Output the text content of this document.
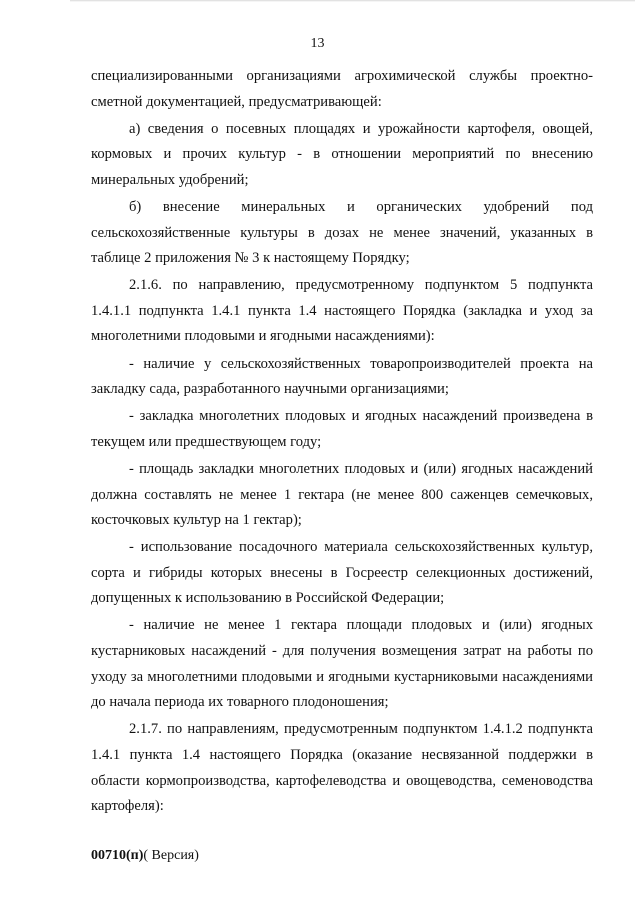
13

специализированными организациями агрохимической службы проектно-сметной документацией, предусматривающей:

а) сведения о посевных площадях и урожайности картофеля, овощей, кормовых и прочих культур - в отношении мероприятий по внесению минеральных удобрений;

б) внесение минеральных и органических удобрений под сельскохозяйственные культуры в дозах не менее значений, указанных в таблице 2 приложения № 3 к настоящему Порядку;

2.1.6. по направлению, предусмотренному подпунктом 5 подпункта 1.4.1.1 подпункта 1.4.1 пункта 1.4 настоящего Порядка (закладка и уход за многолетними плодовыми и ягодными насаждениями):

- наличие у сельскохозяйственных товаропроизводителей проекта на закладку сада, разработанного научными организациями;

- закладка многолетних плодовых и ягодных насаждений произведена в текущем или предшествующем году;

- площадь закладки многолетних плодовых и (или) ягодных насаждений должна составлять не менее 1 гектара (не менее 800 саженцев семечковых, косточковых культур на 1 гектар);

- использование посадочного материала сельскохозяйственных культур, сорта и гибриды которых внесены в Госреестр селекционных достижений, допущенных к использованию в Российской Федерации;

- наличие не менее 1 гектара площади плодовых и (или) ягодных кустарниковых насаждений - для получения возмещения затрат на работы по уходу за многолетними плодовыми и ягодными кустарниковыми насаждениями до начала периода их товарного плодоношения;

2.1.7. по направлениям, предусмотренным подпунктом 1.4.1.2 подпункта 1.4.1 пункта 1.4 настоящего Порядка (оказание несвязанной поддержки в области кормопроизводства, картофелеводства и овощеводства, семеноводства картофеля):

00710(п)( Версия)
